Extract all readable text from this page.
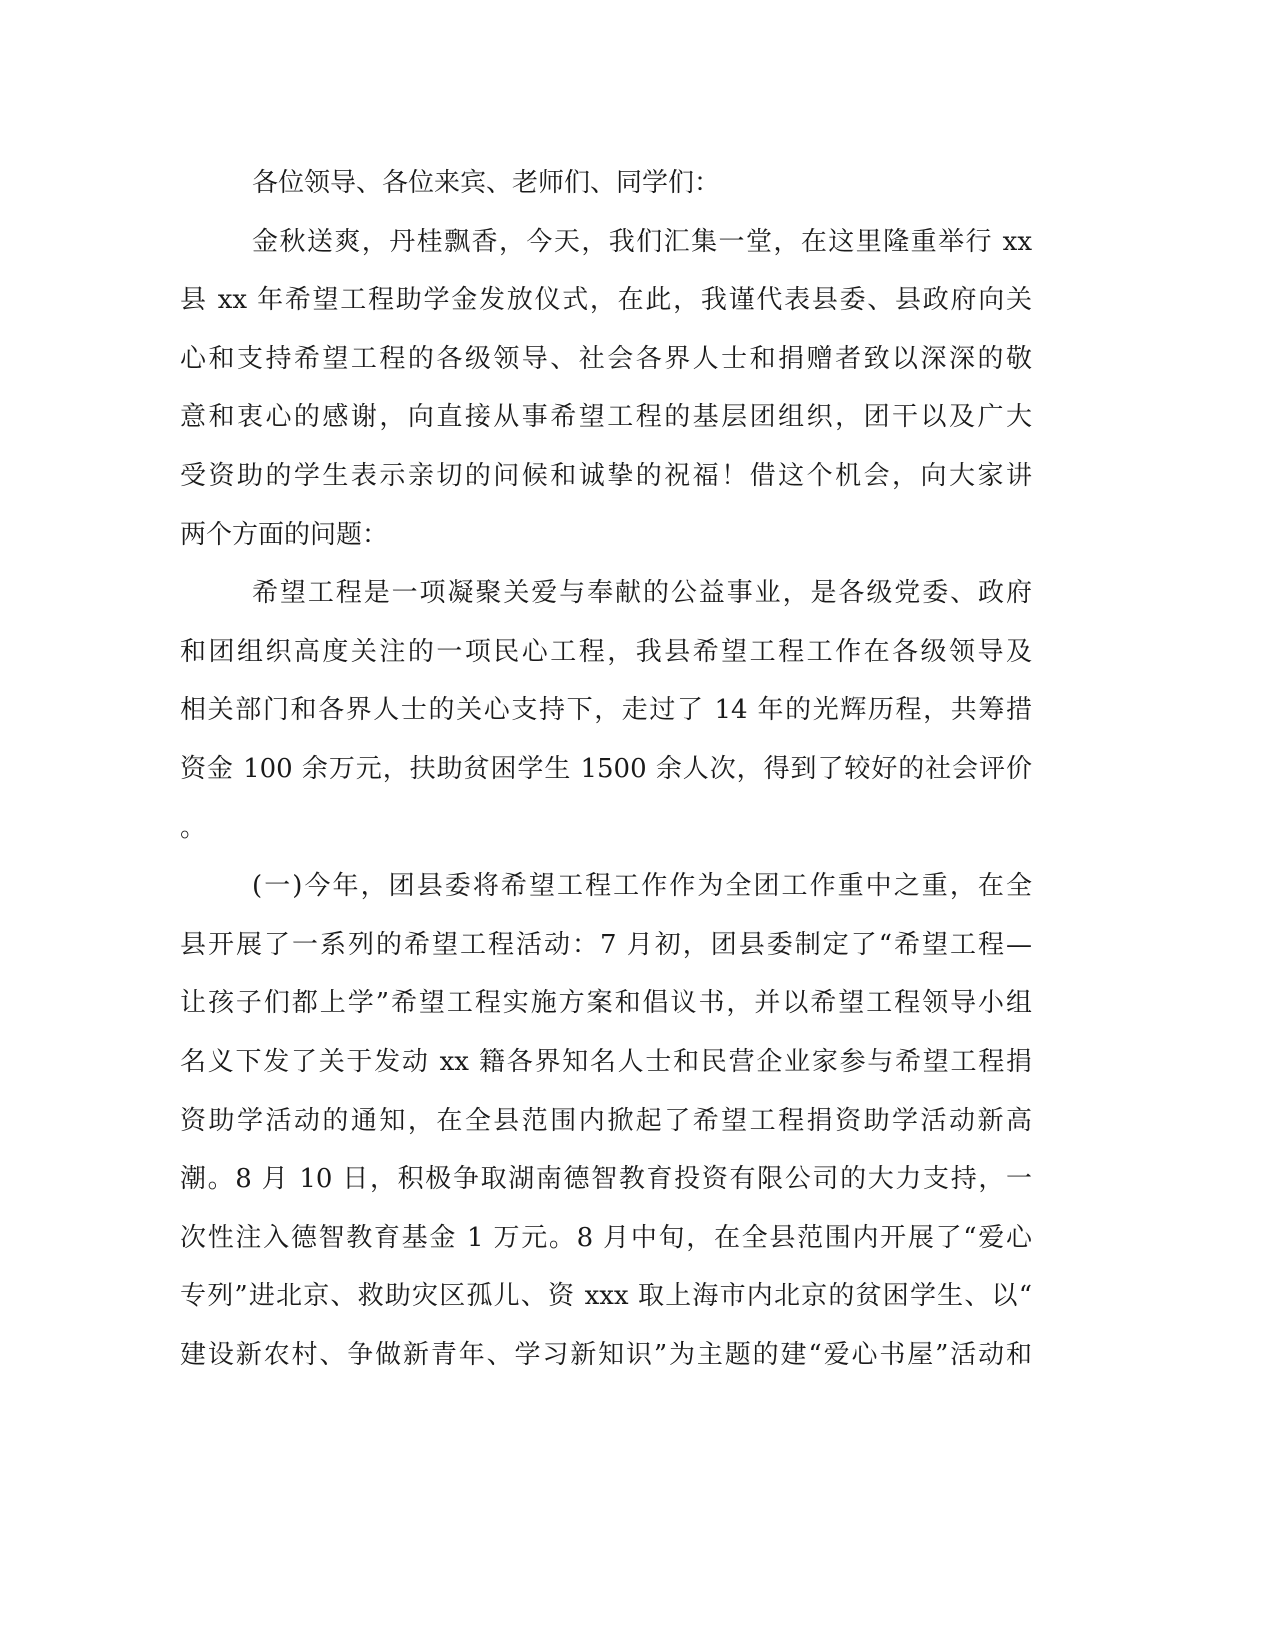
各位领导、各位来宾、老师们、同学们：
金秋送爽，丹桂飘香，今天，我们汇集一堂，在这里隆重举行 xx
县 xx 年希望工程助学金发放仪式，在此，我谨代表县委、县政府向关
心和支持希望工程的各级领导、社会各界人士和捐赠者致以深深的敬
意和衷心的感谢，向直接从事希望工程的基层团组织，团干以及广大
受资助的学生表示亲切的问候和诚挚的祝福！借这个机会，向大家讲
两个方面的问题：
希望工程是一项凝聚关爱与奉献的公益事业，是各级党委、政府
和团组织高度关注的一项民心工程，我县希望工程工作在各级领导及
相关部门和各界人士的关心支持下，走过了 14 年的光辉历程，共筹措
资金 100 余万元，扶助贫困学生 1500 余人次，得到了较好的社会评价
。
(一)今年，团县委将希望工程工作作为全团工作重中之重，在全
县开展了一系列的希望工程活动：7 月初，团县委制定了“希望工程—
让孩子们都上学”希望工程实施方案和倡议书，并以希望工程领导小组
名义下发了关于发动 xx 籍各界知名人士和民营企业家参与希望工程捐
资助学活动的通知，在全县范围内掀起了希望工程捐资助学活动新高
潮。8 月 10 日，积极争取湖南德智教育投资有限公司的大力支持，一
次性注入德智教育基金 1 万元。8 月中旬，在全县范围内开展了“爱心
专列”进北京、救助灾区孤儿、资 xxx 取上海市内北京的贫困学生、以“
建设新农村、争做新青年、学习新知识”为主题的建“爱心书屋”活动和
